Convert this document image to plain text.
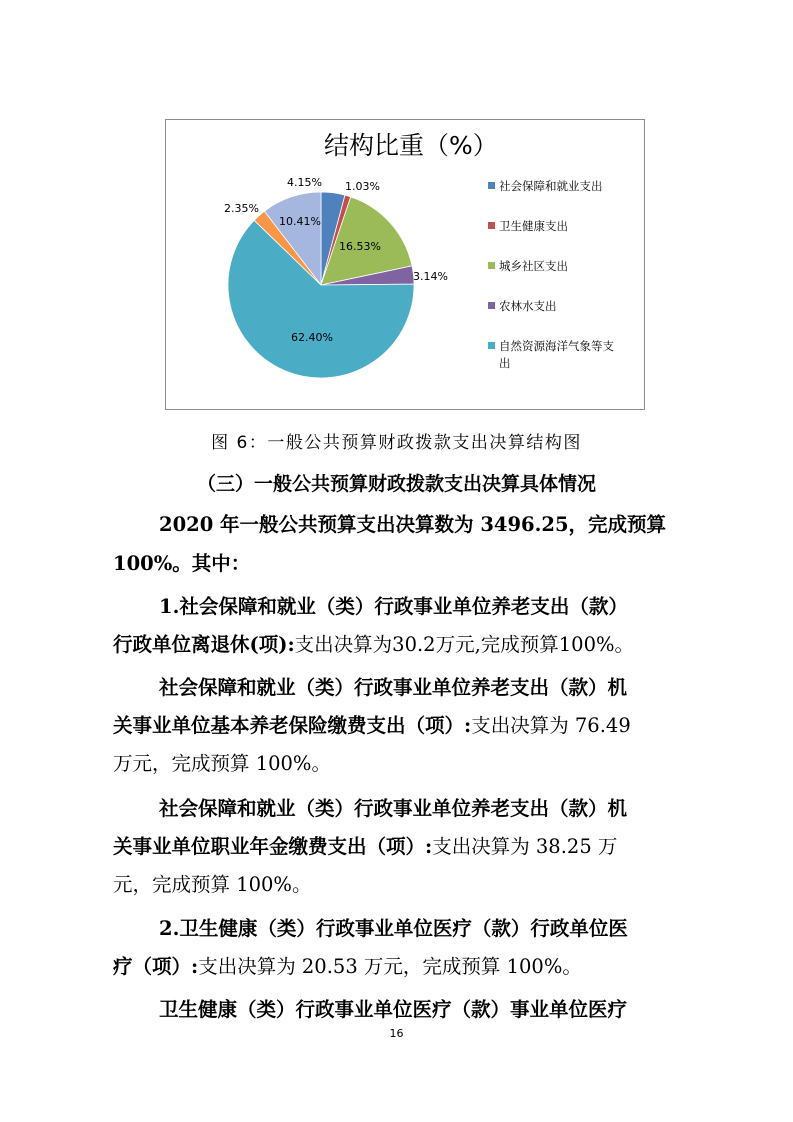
结构比重（%）
4.15% 1.03%
16.53%
3.14%
62.40%
2.35%
10.41%
社会保障和就业支出
卫生健康支出
城乡社区支出
农林水支出
自然资源海洋气象等支
出
图 6：一般公共预算财政拨款支出决算结构图
（三）一般公共预算财政拨款支出决算具体情况
2020 年一般公共预算支出决算数为 3496.25，完成预算
100%。其中：
1.社会保障和就业（类）行政事业单位养老支出（款）
行政单位离退休(项):支出决算为30.2万元,完成预算100%。
社会保障和就业（类）行政事业单位养老支出（款）机
关事业单位基本养老保险缴费支出（项）:支出决算为 76.49
万元，完成预算 100%。
社会保障和就业（类）行政事业单位养老支出（款）机
关事业单位职业年金缴费支出（项）:支出决算为 38.25 万
元，完成预算 100%。
2.卫生健康（类）行政事业单位医疗（款）行政单位医
疗（项）:支出决算为 20.53 万元，完成预算 100%。
卫生健康（类）行政事业单位医疗（款）事业单位医疗
16
